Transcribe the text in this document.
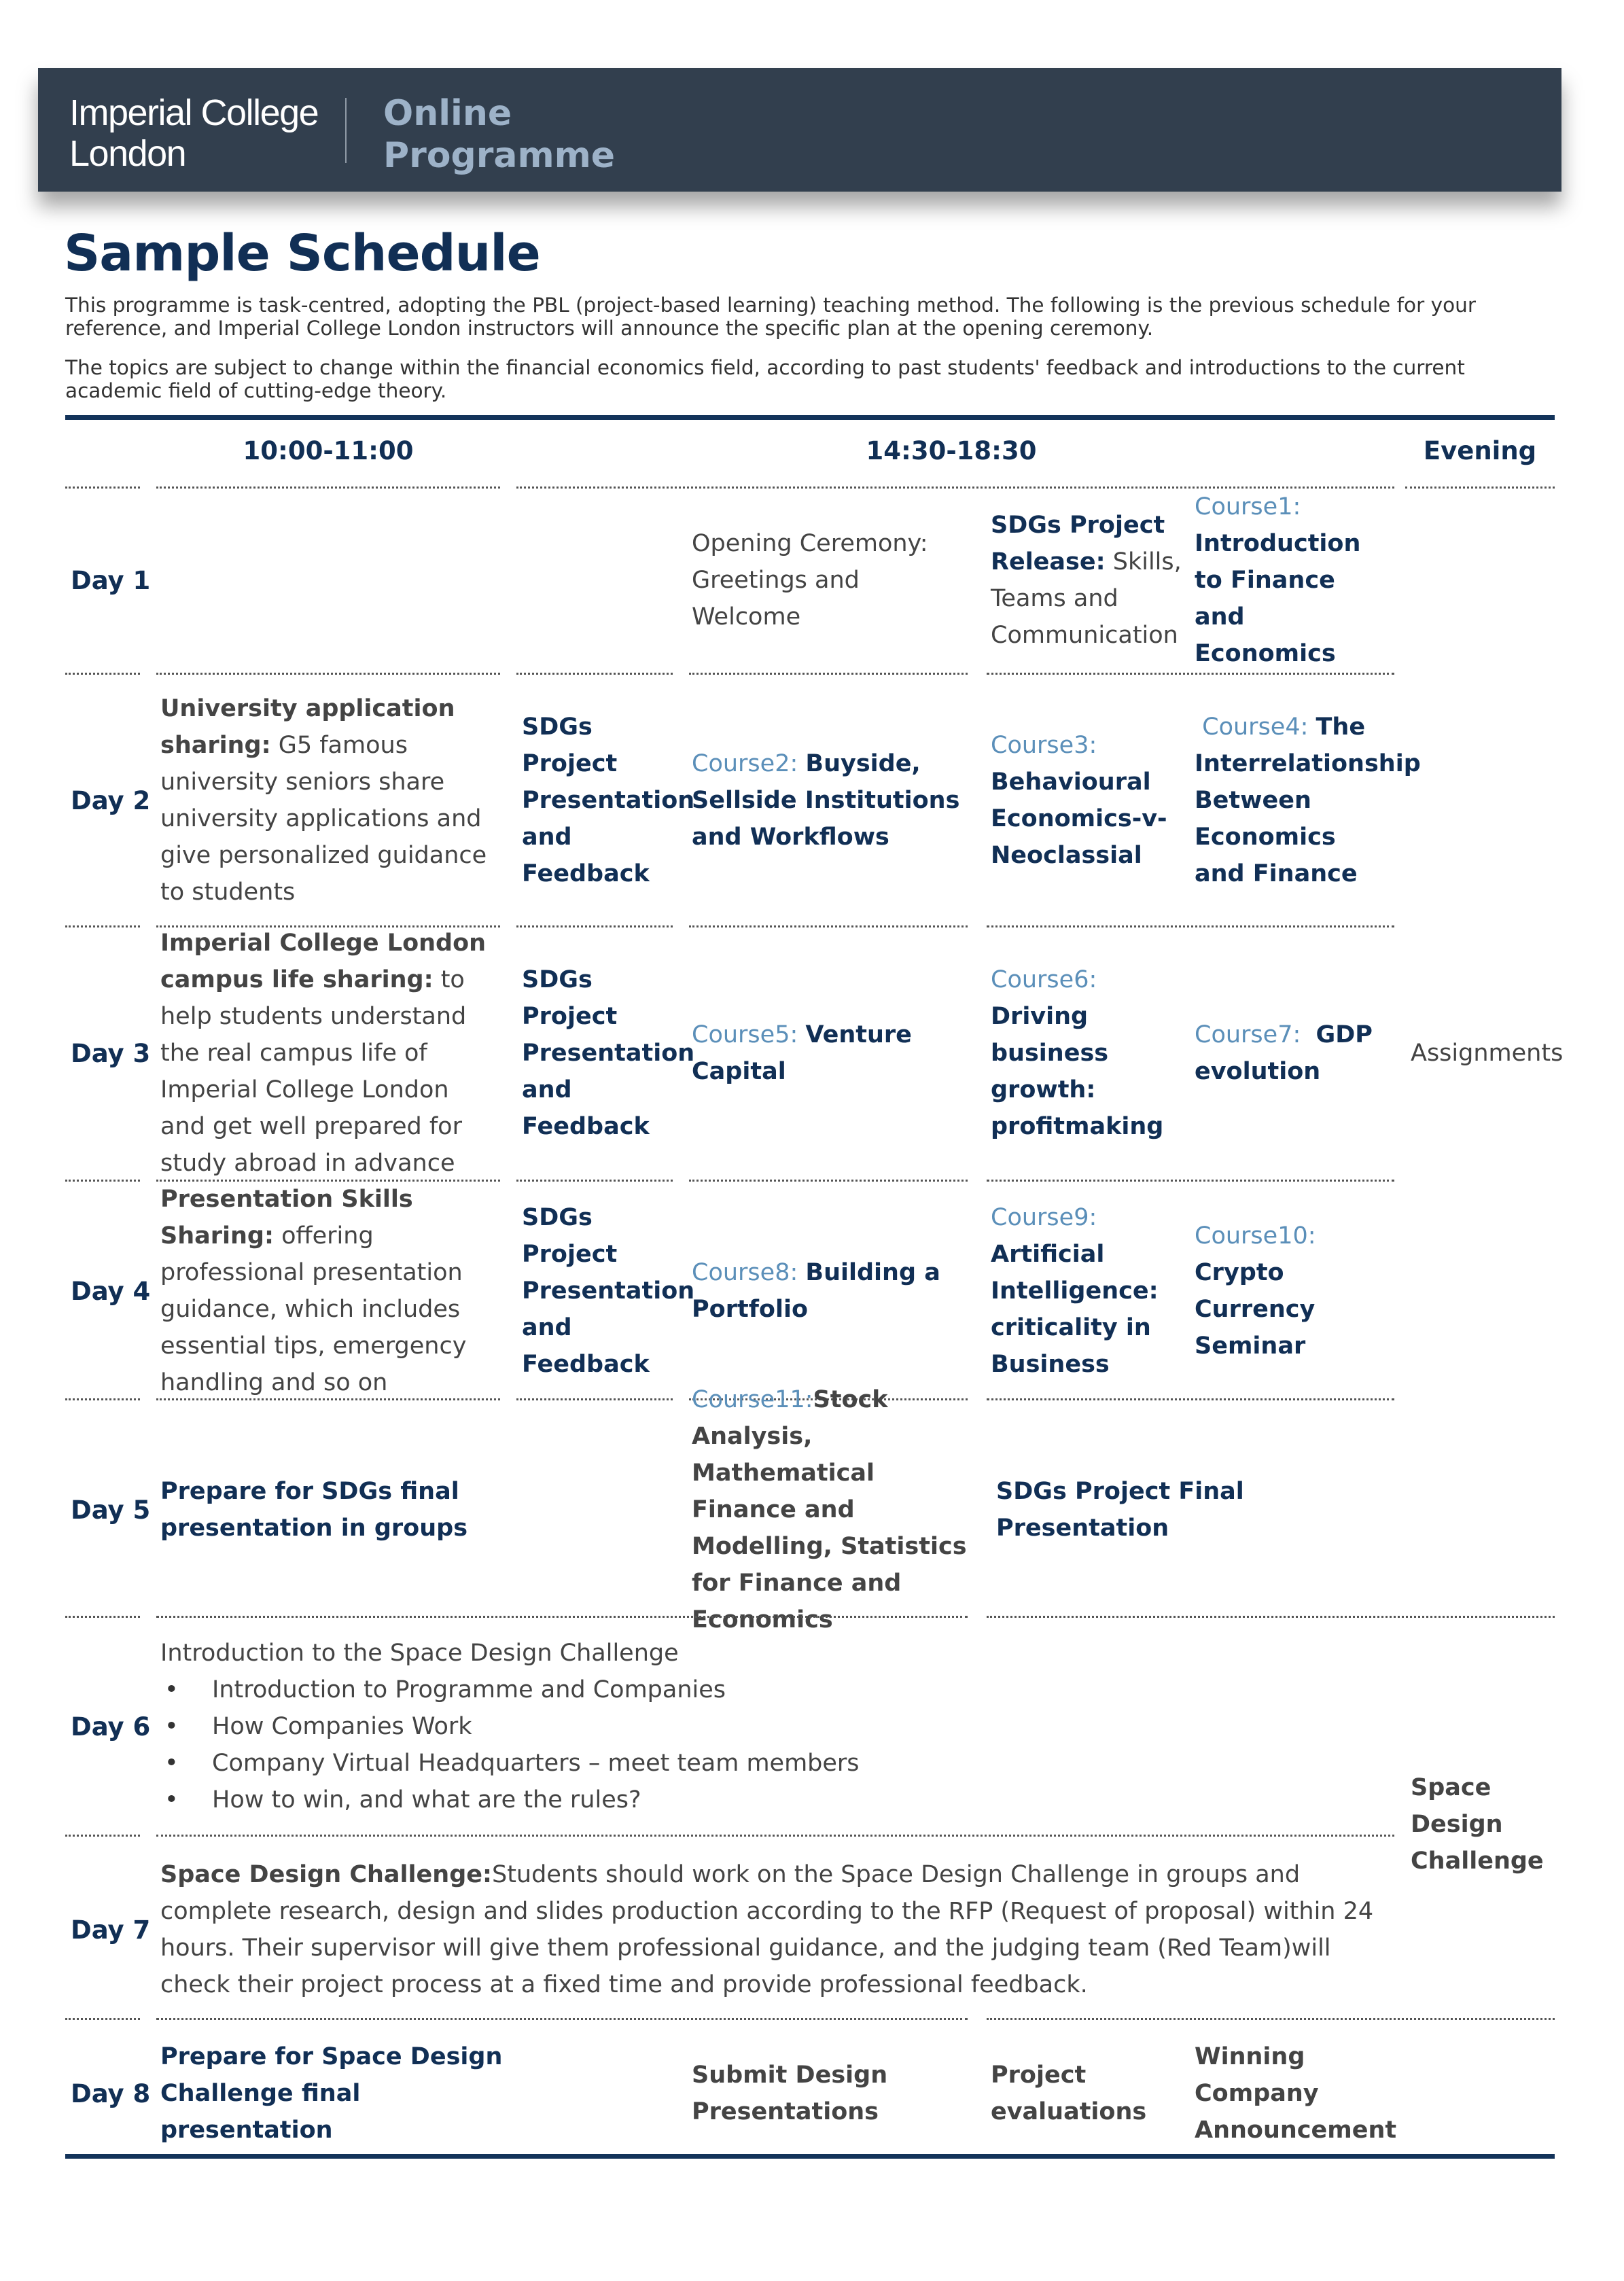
Imperial College
London
Online
Programme
Sample Schedule
This programme is task-centred, adopting the PBL (project-based learning) teaching method. The following is the previous schedule for your reference, and Imperial College London instructors will announce the specific plan at the opening ceremony.
The topics are subject to change within the financial economics field, according to past students' feedback and introductions to the current academic field of cutting-edge theory.
10:00-11:00	14:30-18:30	Evening
Day 1
Opening Ceremony: Greetings and Welcome
SDGs Project Release: Skills, Teams and Communication
Course1:
Introduction to Finance and Economics
Day 2
University application sharing: G5 famous university seniors share university applications and give personalized guidance to students
SDGs Project Presentation and Feedback
Course2: Buyside, Sellside Institutions and Workflows
Course3:
Behavioural Economics-v-Neoclassial
Course4: The Interrelationship Between Economics and Finance
Day 3
Imperial College London campus life sharing: to help students understand the real campus life of Imperial College London and get well prepared for study abroad in advance
SDGs Project Presentation and Feedback
Course5: Venture Capital
Course6: Driving business growth: profitmaking
Course7: GDP evolution
Day 4
Presentation Skills Sharing: offering professional presentation guidance, which includes essential tips, emergency handling and so on
SDGs Project Presentation and Feedback
Course8: Building a Portfolio
Course9:
Artificial Intelligence: criticality in Business
Course10:
Crypto Currency Seminar
Day 5
Prepare for SDGs final presentation in groups
Course11:Stock Analysis, Mathematical Finance and Modelling, Statistics for Finance and Economics
SDGs Project Final Presentation
Day 6
Introduction to the Space Design Challenge
• Introduction to Programme and Companies
• How Companies Work
• Company Virtual Headquarters – meet team members
• How to win, and what are the rules?
Day 7
Space Design Challenge:Students should work on the Space Design Challenge in groups and complete research, design and slides production according to the RFP (Request of proposal) within 24 hours. Their supervisor will give them professional guidance, and the judging team (Red Team)will check their project process at a fixed time and provide professional feedback.
Day 8
Prepare for Space Design Challenge final presentation
Submit Design Presentations
Project evaluations
Winning Company Announcement
Assignments
Space Design Challenge
